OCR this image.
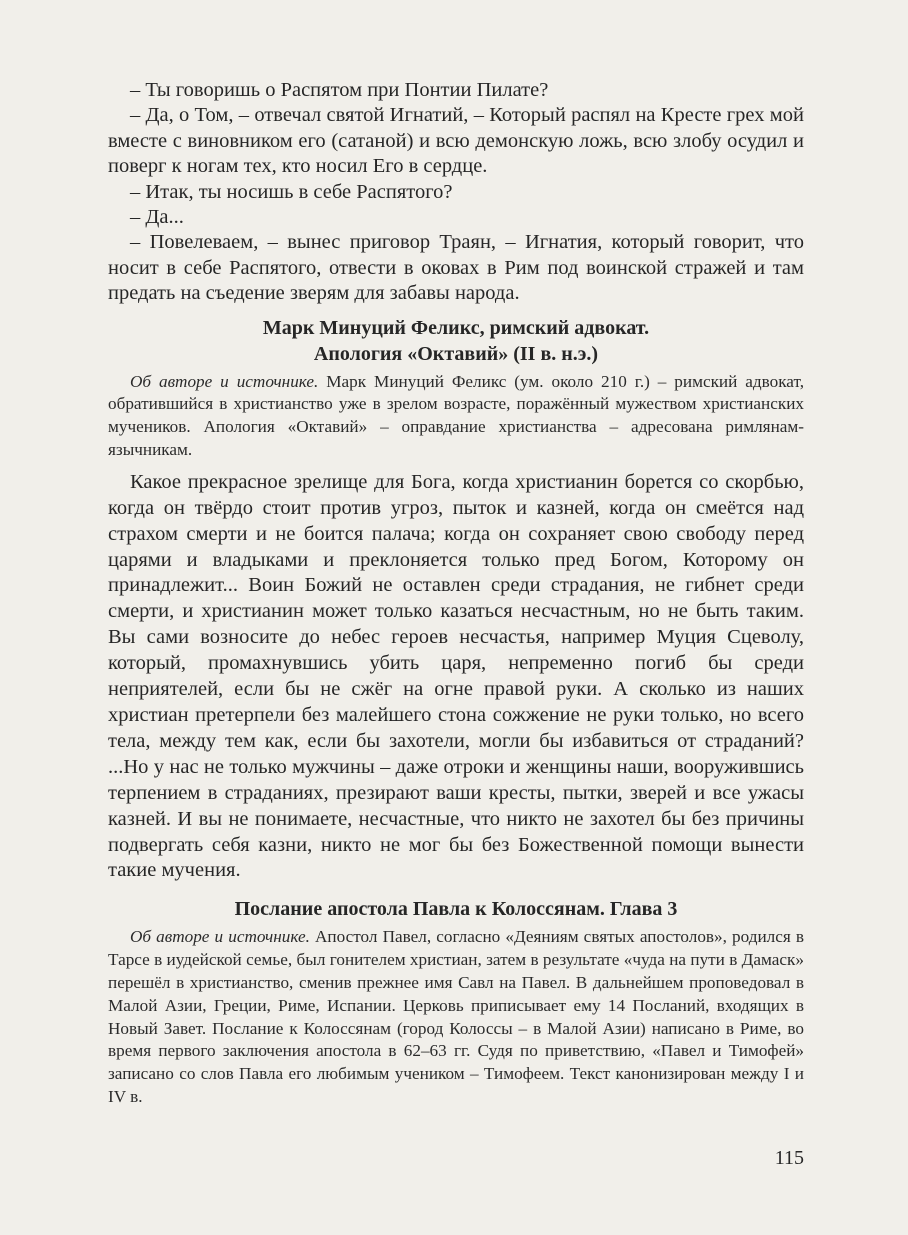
– Ты говоришь о Распятом при Понтии Пилате?

– Да, о Том, – отвечал святой Игнатий, – Который распял на Кресте грех мой вместе с виновником его (сатаной) и всю демонскую ложь, всю злобу осудил и поверг к ногам тех, кто носил Его в сердце.

– Итак, ты носишь в себе Распятого?

– Да...

– Повелеваем, – вынес приговор Траян, – Игнатия, который говорит, что носит в себе Распятого, отвести в оковах в Рим под воинской стражей и там предать на съедение зверям для забавы народа.

Марк Минуций Феликс, римский адвокат.
Апология «Октавий» (II в. н.э.)

Об авторе и источнике. Марк Минуций Феликс (ум. около 210 г.) – римский адвокат, обратившийся в христианство уже в зрелом возрасте, поражённый мужеством христианских мучеников. Апология «Октавий» – оправдание христианства – адресована римлянам-язычникам.

Какое прекрасное зрелище для Бога, когда христианин борется со скорбью, когда он твёрдо стоит против угроз, пыток и казней, когда он смеётся над страхом смерти и не боится палача; когда он сохраняет свою свободу перед царями и владыками и преклоняется только пред Богом, Которому он принадлежит... Воин Божий не оставлен среди страдания, не гибнет среди смерти, и христианин может только казаться несчастным, но не быть таким. Вы сами возносите до небес героев несчастья, например Муция Сцеволу, который, промахнувшись убить царя, непременно погиб бы среди неприятелей, если бы не сжёг на огне правой руки. А сколько из наших христиан претерпели без малейшего стона сожжение не руки только, но всего тела, между тем как, если бы захотели, могли бы избавиться от страданий? ...Но у нас не только мужчины – даже отроки и женщины наши, вооружившись терпением в страданиях, презирают ваши кресты, пытки, зверей и все ужасы казней. И вы не понимаете, несчастные, что никто не захотел бы без причины подвергать себя казни, никто не мог бы без Божественной помощи вынести такие мучения.

Послание апостола Павла к Колоссянам. Глава 3

Об авторе и источнике. Апостол Павел, согласно «Деяниям святых апостолов», родился в Тарсе в иудейской семье, был гонителем христиан, затем в результате «чуда на пути в Дамаск» перешёл в христианство, сменив прежнее имя Савл на Павел. В дальнейшем проповедовал в Малой Азии, Греции, Риме, Испании. Церковь приписывает ему 14 Посланий, входящих в Новый Завет. Послание к Колоссянам (город Колоссы – в Малой Азии) написано в Риме, во время первого заключения апостола в 62–63 гг. Судя по приветствию, «Павел и Тимофей» записано со слов Павла его любимым учеником – Тимофеем. Текст канонизирован между I и IV в.

115
